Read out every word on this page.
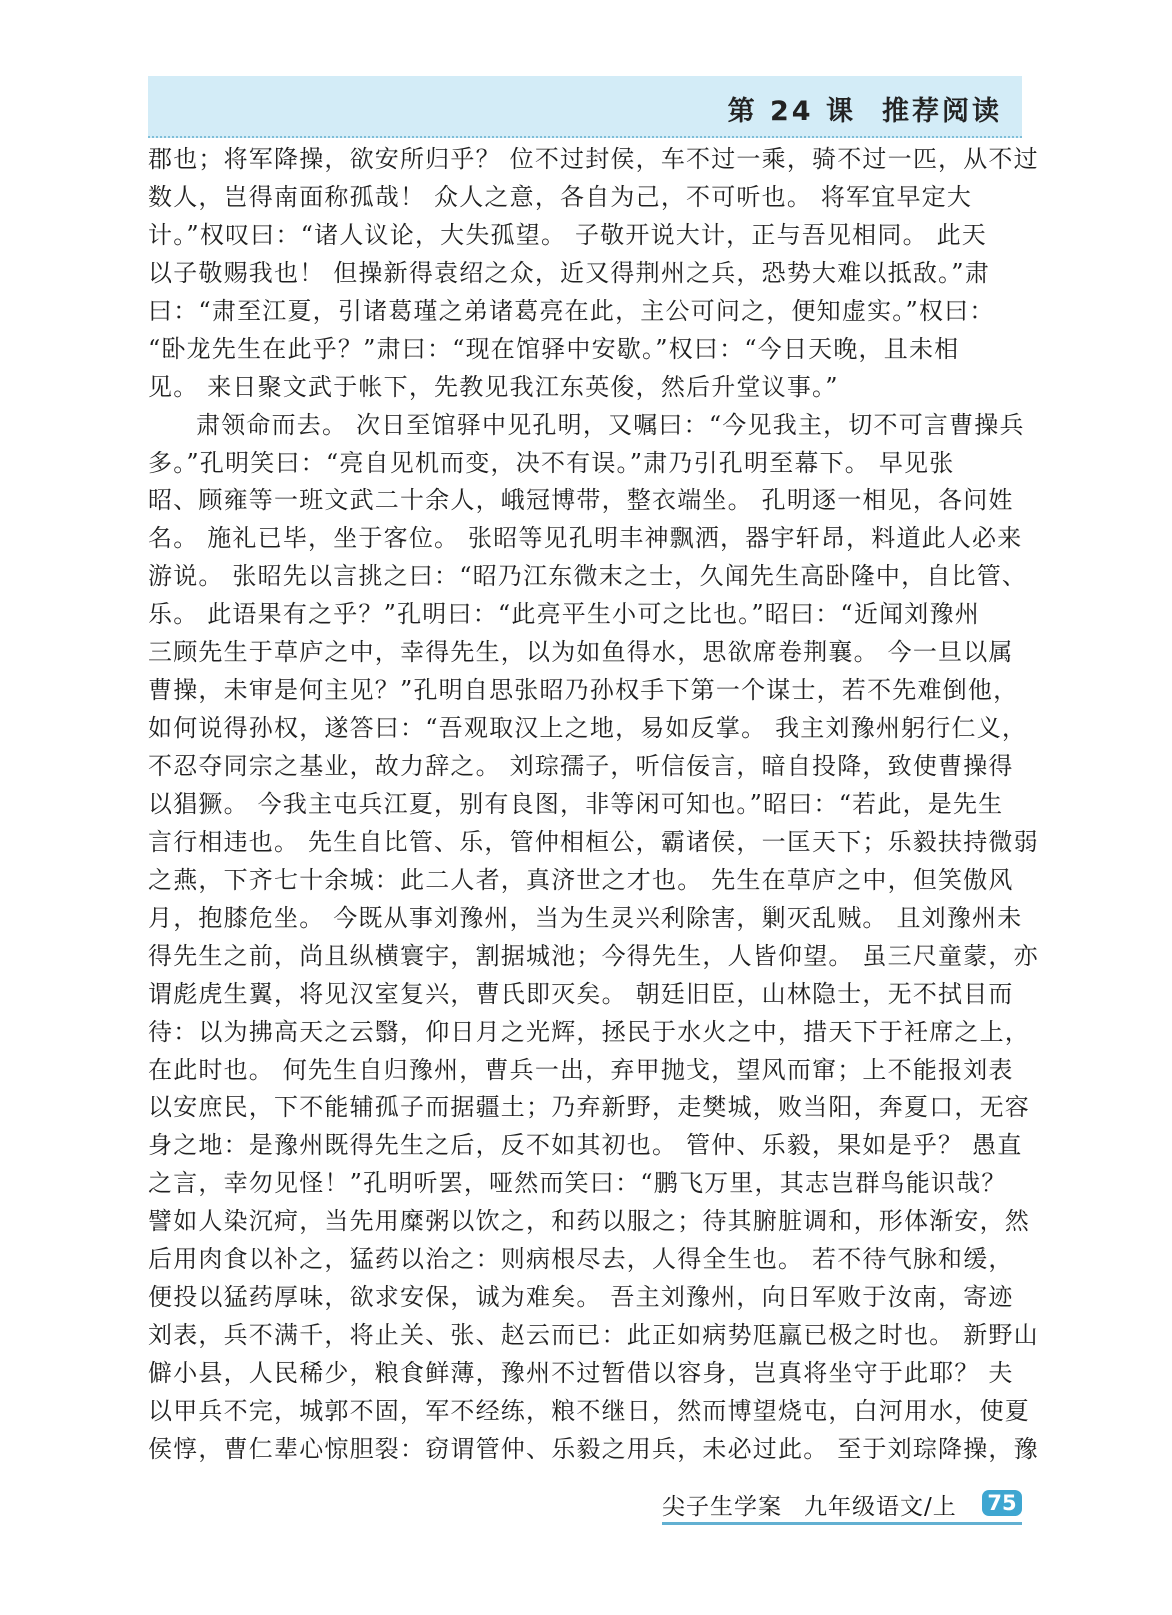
第 24 课 推荐阅读
郡也；将军降操，欲安所归乎？ 位不过封侯，车不过一乘，骑不过一匹，从不过
数人，岂得南面称孤哉！ 众人之意，各自为己，不可听也。 将军宜早定大
计。”权叹曰：“诸人议论，大失孤望。 子敬开说大计，正与吾见相同。 此天
以子敬赐我也！ 但操新得袁绍之众，近又得荆州之兵，恐势大难以抵敌。”肃
曰：“肃至江夏，引诸葛瑾之弟诸葛亮在此，主公可问之，便知虚实。”权曰：
“卧龙先生在此乎？”肃曰：“现在馆驿中安歇。”权曰：“今日天晚，且未相
见。 来日聚文武于帐下，先教见我江东英俊，然后升堂议事。”
肃领命而去。 次日至馆驿中见孔明，又嘱曰：“今见我主，切不可言曹操兵
多。”孔明笑曰：“亮自见机而变，决不有误。”肃乃引孔明至幕下。 早见张
昭、顾雍等一班文武二十余人，峨冠博带，整衣端坐。 孔明逐一相见，各问姓
名。 施礼已毕，坐于客位。 张昭等见孔明丰神飘洒，器宇轩昂，料道此人必来
游说。 张昭先以言挑之曰：“昭乃江东微末之士，久闻先生高卧隆中，自比管、
乐。 此语果有之乎？”孔明曰：“此亮平生小可之比也。”昭曰：“近闻刘豫州
三顾先生于草庐之中，幸得先生，以为如鱼得水，思欲席卷荆襄。 今一旦以属
曹操，未审是何主见？”孔明自思张昭乃孙权手下第一个谋士，若不先难倒他，
如何说得孙权，遂答曰：“吾观取汉上之地，易如反掌。 我主刘豫州躬行仁义，
不忍夺同宗之基业，故力辞之。 刘琮孺子，听信佞言，暗自投降，致使曹操得
以猖獗。 今我主屯兵江夏，别有良图，非等闲可知也。”昭曰：“若此，是先生
言行相违也。 先生自比管、乐，管仲相桓公，霸诸侯，一匡天下；乐毅扶持微弱
之燕，下齐七十余城：此二人者，真济世之才也。 先生在草庐之中，但笑傲风
月，抱膝危坐。 今既从事刘豫州，当为生灵兴利除害，剿灭乱贼。 且刘豫州未
得先生之前，尚且纵横寰宇，割据城池；今得先生，人皆仰望。 虽三尺童蒙，亦
谓彪虎生翼，将见汉室复兴，曹氏即灭矣。 朝廷旧臣，山林隐士，无不拭目而
待：以为拂高天之云翳，仰日月之光辉，拯民于水火之中，措天下于衽席之上，
在此时也。 何先生自归豫州，曹兵一出，弃甲抛戈，望风而窜；上不能报刘表
以安庶民，下不能辅孤子而据疆土；乃弃新野，走樊城，败当阳，奔夏口，无容
身之地：是豫州既得先生之后，反不如其初也。 管仲、乐毅，果如是乎？ 愚直
之言，幸勿见怪！”孔明听罢，哑然而笑曰：“鹏飞万里，其志岂群鸟能识哉？
譬如人染沉疴，当先用糜粥以饮之，和药以服之；待其腑脏调和，形体渐安，然
后用肉食以补之，猛药以治之：则病根尽去，人得全生也。 若不待气脉和缓，
便投以猛药厚味，欲求安保，诚为难矣。 吾主刘豫州，向日军败于汝南，寄迹
刘表，兵不满千，将止关、张、赵云而已：此正如病势尫羸已极之时也。 新野山
僻小县，人民稀少，粮食鲜薄，豫州不过暂借以容身，岂真将坐守于此耶？ 夫
以甲兵不完，城郭不固，军不经练，粮不继日，然而博望烧屯，白河用水，使夏
侯惇，曹仁辈心惊胆裂：窃谓管仲、乐毅之用兵，未必过此。 至于刘琮降操，豫
尖子生学案 九年级语文/上 75
